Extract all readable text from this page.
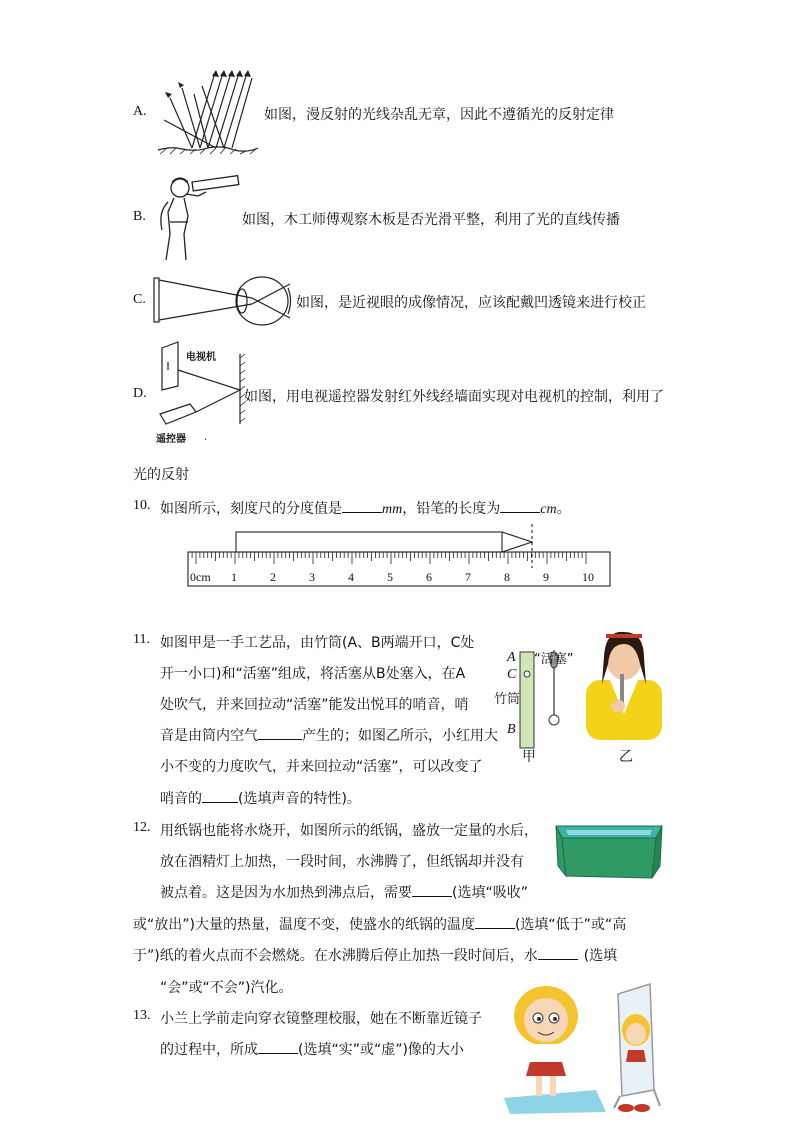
A.	如图，漫反射的光线杂乱无章，因此不遵循光的反射定律
B.	如图，木工师傅观察木板是否光滑平整，利用了光的直线传播
C.	如图，是近视眼的成像情况，应该配戴凹透镜来进行校正
D.
电视机
遥控器 .
如图，用电视遥控器发射红外线经墙面实现对电视机的控制，利用了
光的反射
10. 如图所示，刻度尺的分度值是	mm，铅笔的长度为	cm。
0cm 1	2	3	4	5	6	7	8	9	10
11. 如图甲是一手工艺品，由竹筒(A、B两端开口，C处
开一小口)和“活塞”组成，将活塞从B处塞入，在A
处吹气，并来回拉动“活塞”能发出悦耳的哨音，哨
音是由筒内空气	产生的；如图乙所示，小红用大
小不变的力度吹气，并来回拉动“活塞”，可以改变了
哨音的	(选填声音的特性)。
A
C
竹筒
B
“活塞”
甲	乙
12. 用纸锅也能将水烧开，如图所示的纸锅，盛放一定量的水后，
放在酒精灯上加热，一段时间，水沸腾了，但纸锅却并没有
被点着。这是因为水加热到沸点后，需要	(选填“吸收”
或“放出”)大量的热量，温度不变，使盛水的纸锅的温度	(选填“低于”或“高
于”)纸的着火点而不会燃烧。在水沸腾后停止加热一段时间后，水	(选填
“会”或“不会”)汽化。
13. 小兰上学前走向穿衣镜整理校服，她在不断靠近镜子
的过程中，所成	(选填“实”或“虚”)像的大小
